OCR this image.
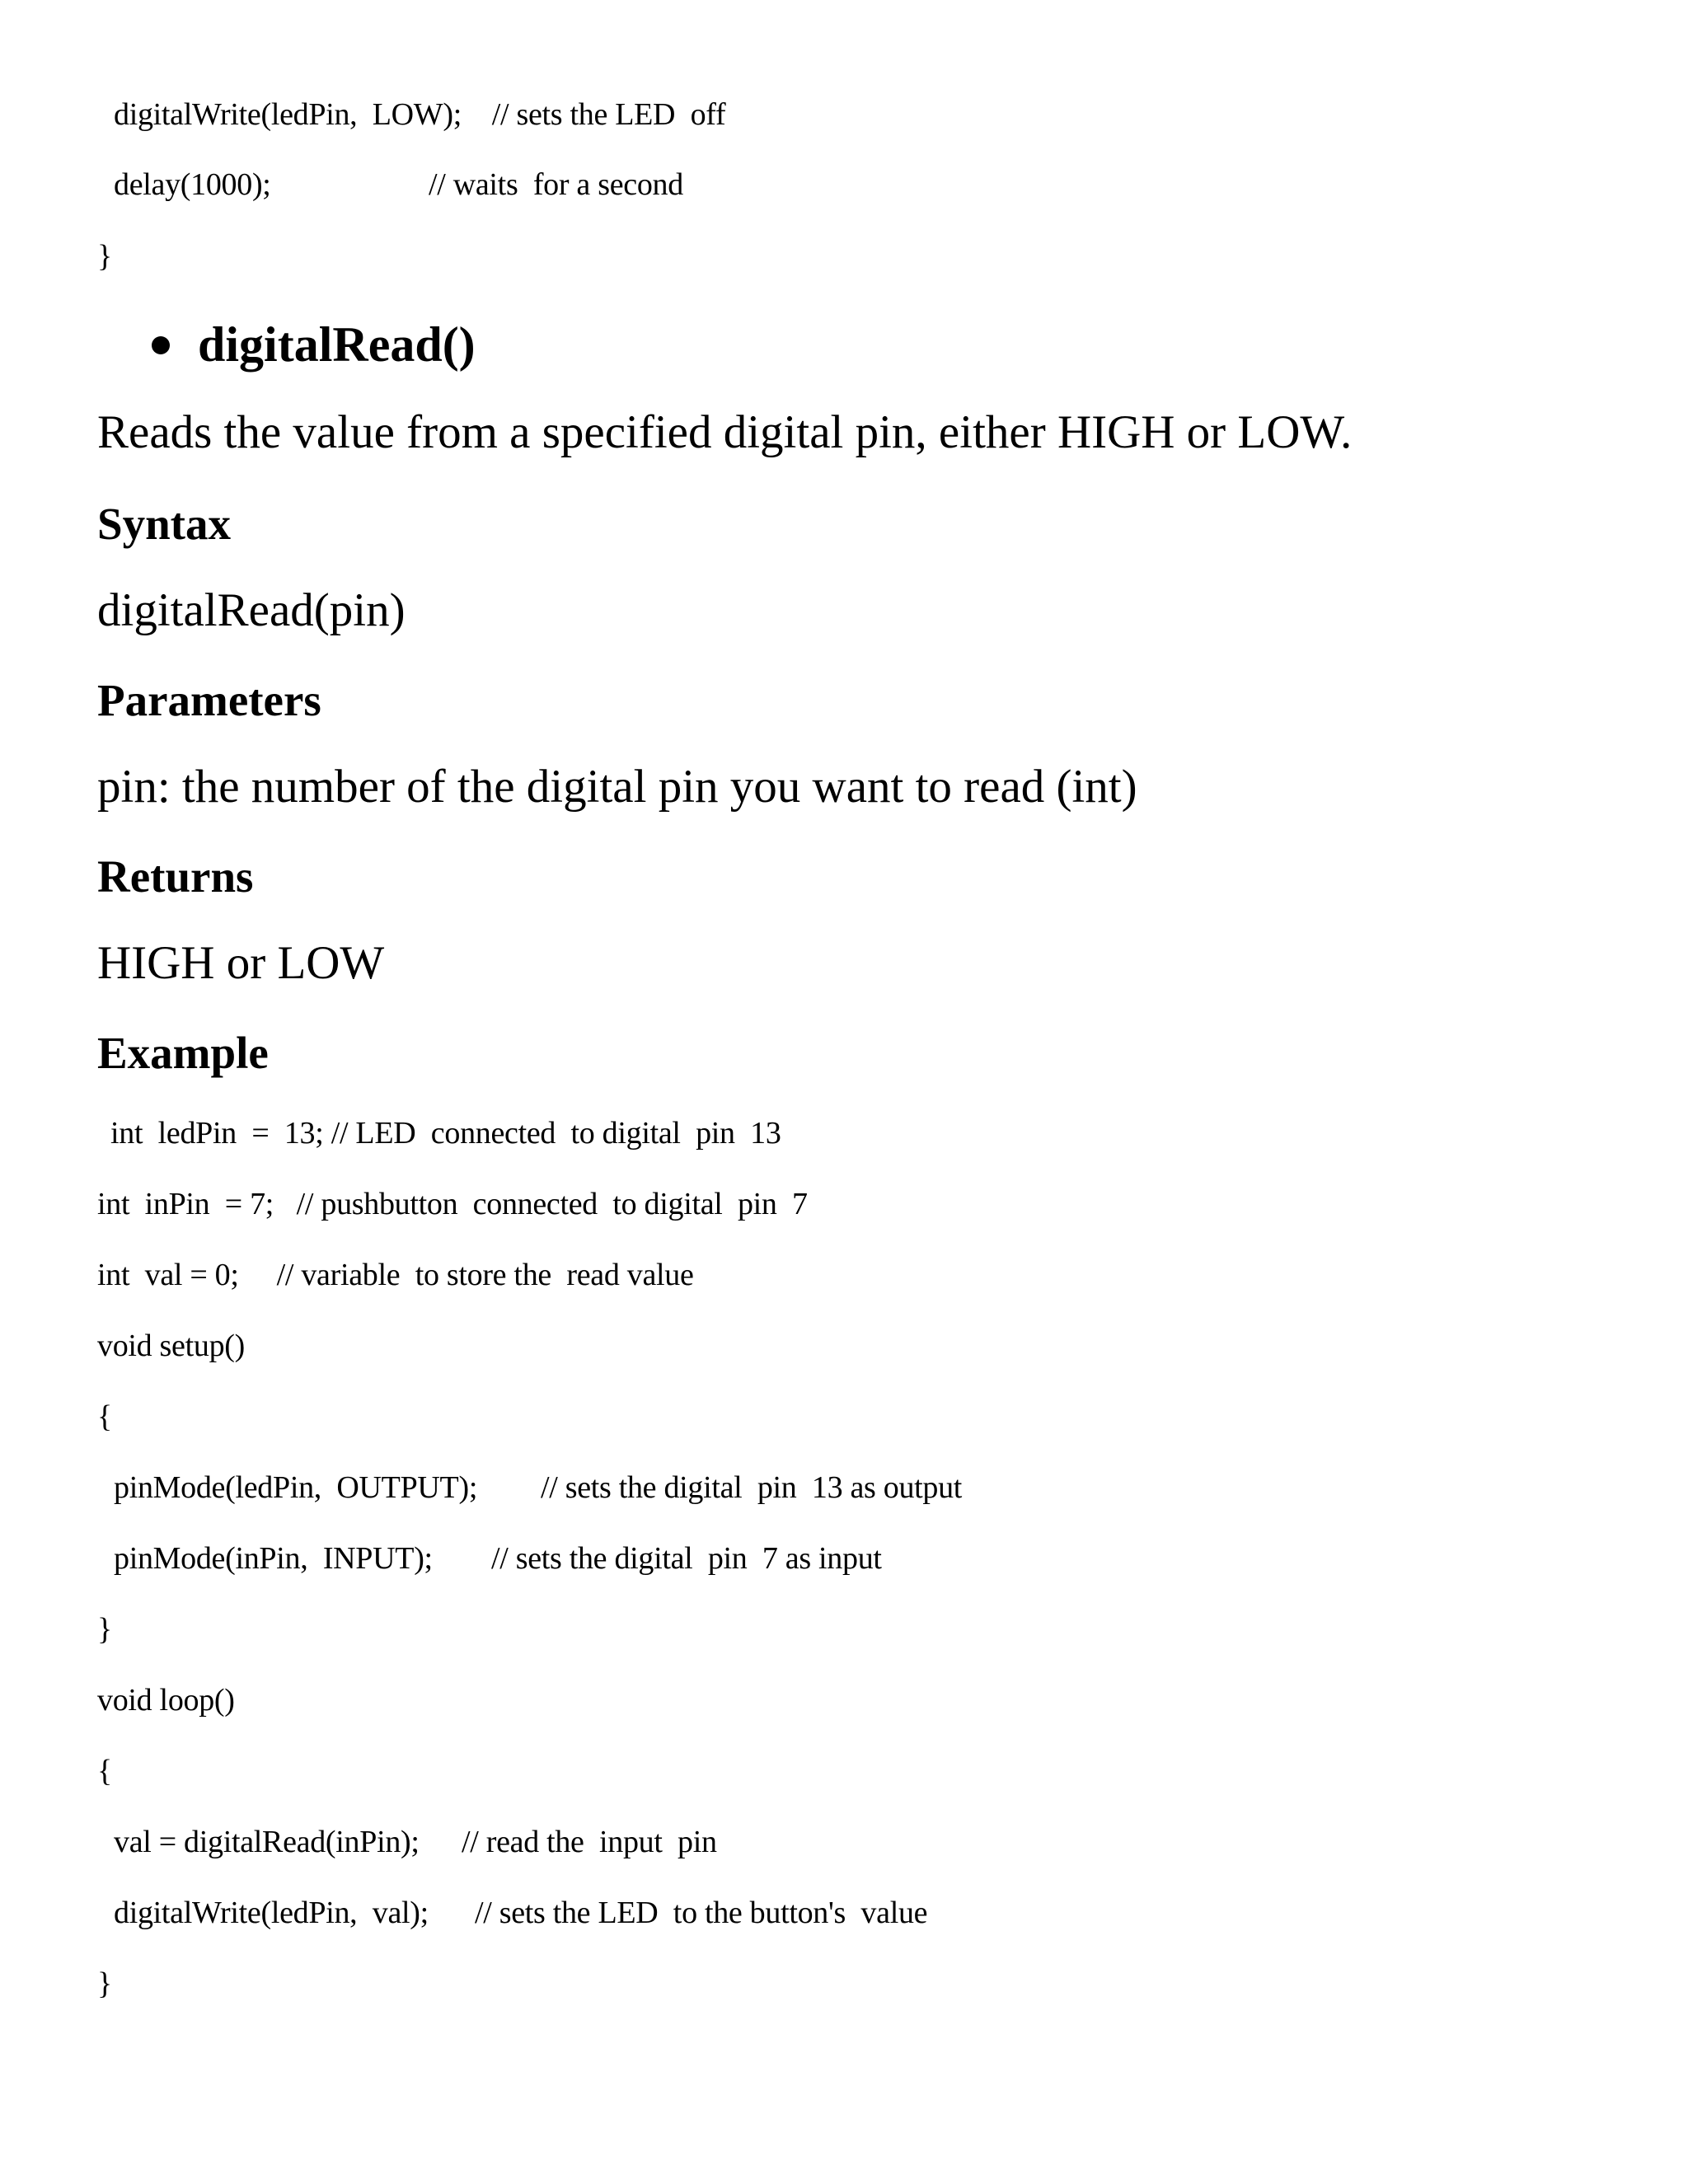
digitalWrite(ledPin,  LOW);    // sets the LED  off
delay(1000);	// waits  for a second
}
digitalRead()
Reads the value from a specified digital pin, either HIGH or LOW.
Syntax
digitalRead(pin)
Parameters
pin: the number of the digital pin you want to read (int)
Returns
HIGH or LOW
Example
int  ledPin  =  13; // LED  connected  to digital  pin  13
int  inPin  = 7;   // pushbutton  connected  to digital  pin  7
int  val = 0;     // variable  to store the  read value
void setup()
{
pinMode(ledPin,  OUTPUT); // sets the digital  pin  13 as output
pinMode(inPin,  INPUT); // sets the digital  pin  7 as input
}
void loop()
{
val = digitalRead(inPin); // read the  input  pin
digitalWrite(ledPin,  val); // sets the LED  to the button's  value
}
